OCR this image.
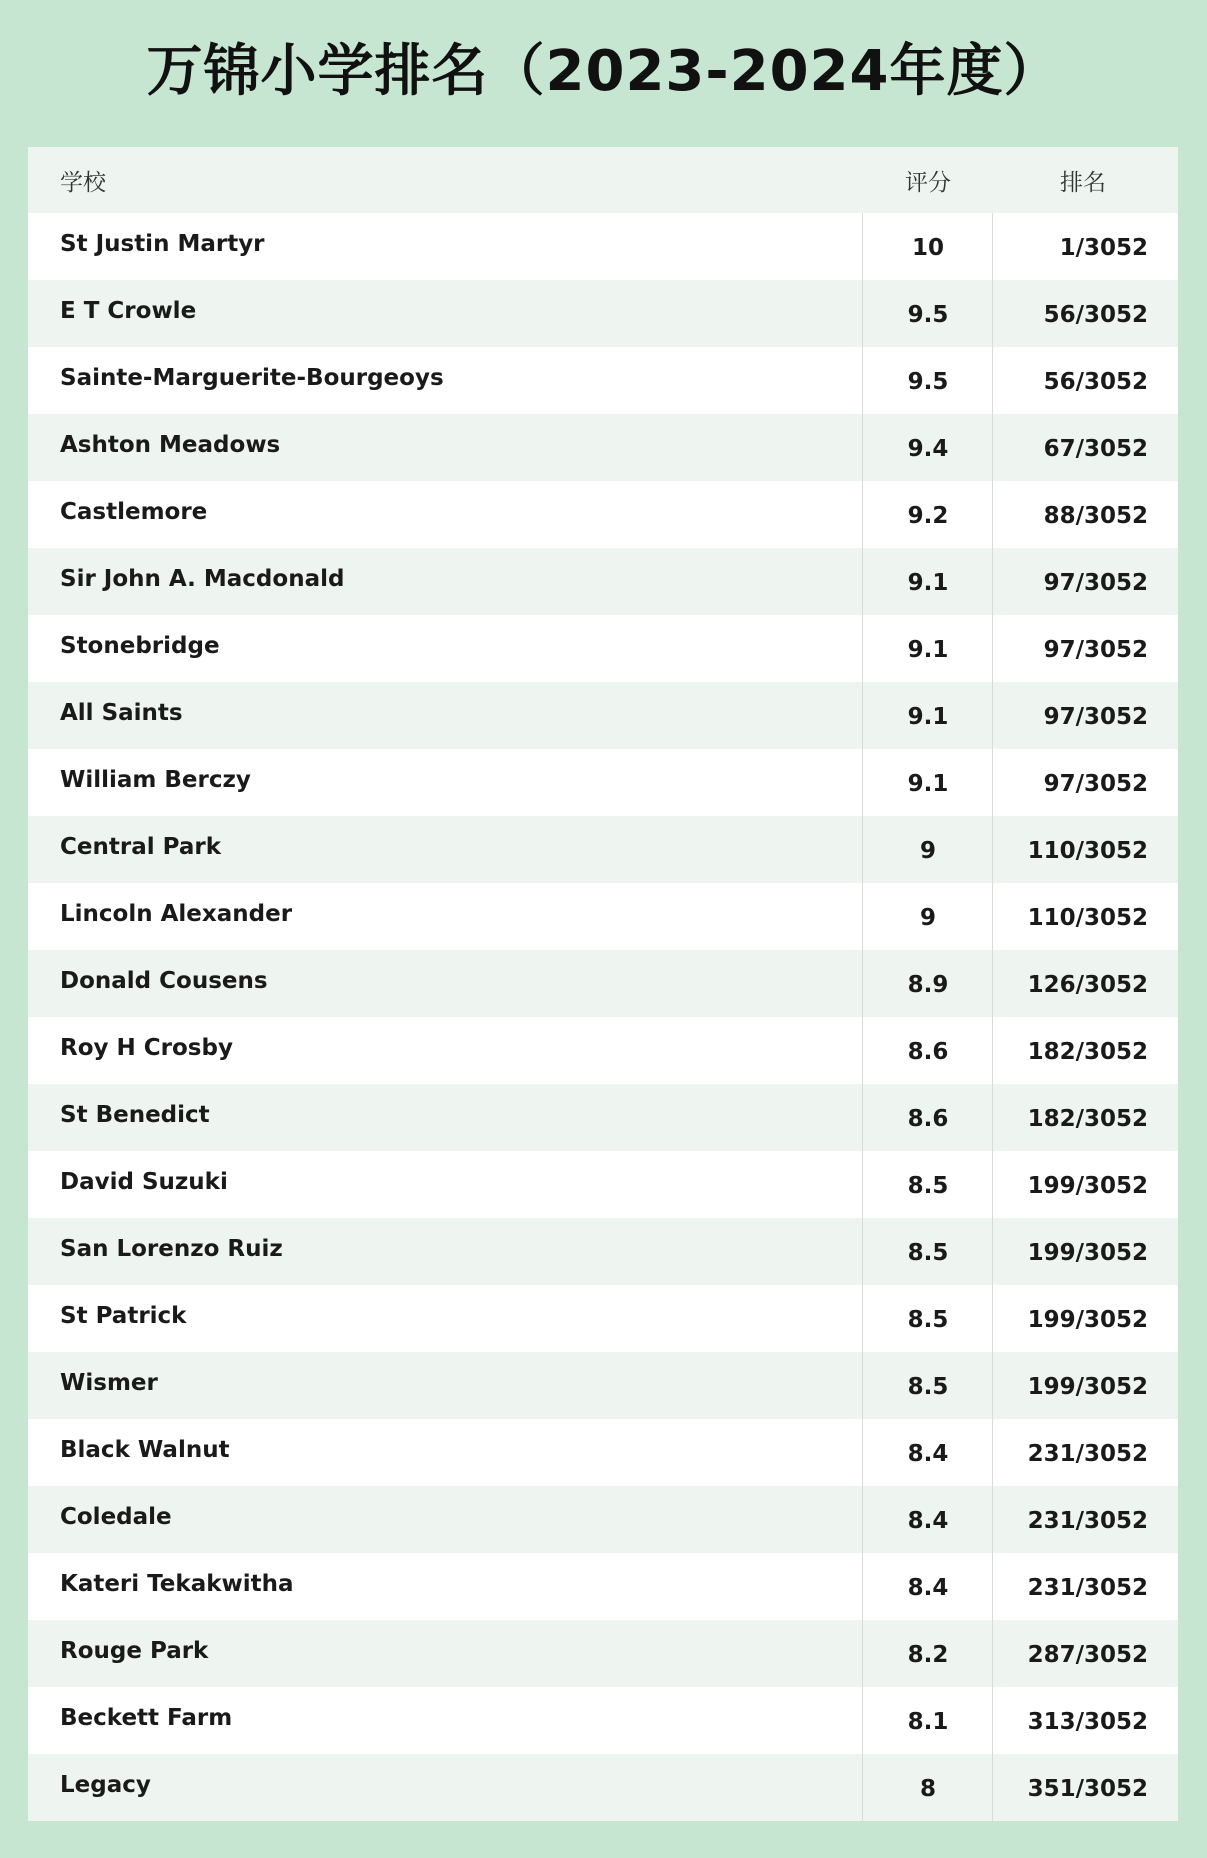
万锦小学排名（2023-2024年度）
学校	评分	排名
St Justin Martyr	10	1/3052
E T Crowle	9.5	56/3052
Sainte-Marguerite-Bourgeoys	9.5	56/3052
Ashton Meadows	9.4	67/3052
Castlemore	9.2	88/3052
Sir John A. Macdonald	9.1	97/3052
Stonebridge	9.1	97/3052
All Saints	9.1	97/3052
William Berczy	9.1	97/3052
Central Park	9	110/3052
Lincoln Alexander	9	110/3052
Donald Cousens	8.9	126/3052
Roy H Crosby	8.6	182/3052
St Benedict	8.6	182/3052
David Suzuki	8.5	199/3052
San Lorenzo Ruiz	8.5	199/3052
St Patrick	8.5	199/3052
Wismer	8.5	199/3052
Black Walnut	8.4	231/3052
Coledale	8.4	231/3052
Kateri Tekakwitha	8.4	231/3052
Rouge Park	8.2	287/3052
Beckett Farm	8.1	313/3052
Legacy	8	351/3052
